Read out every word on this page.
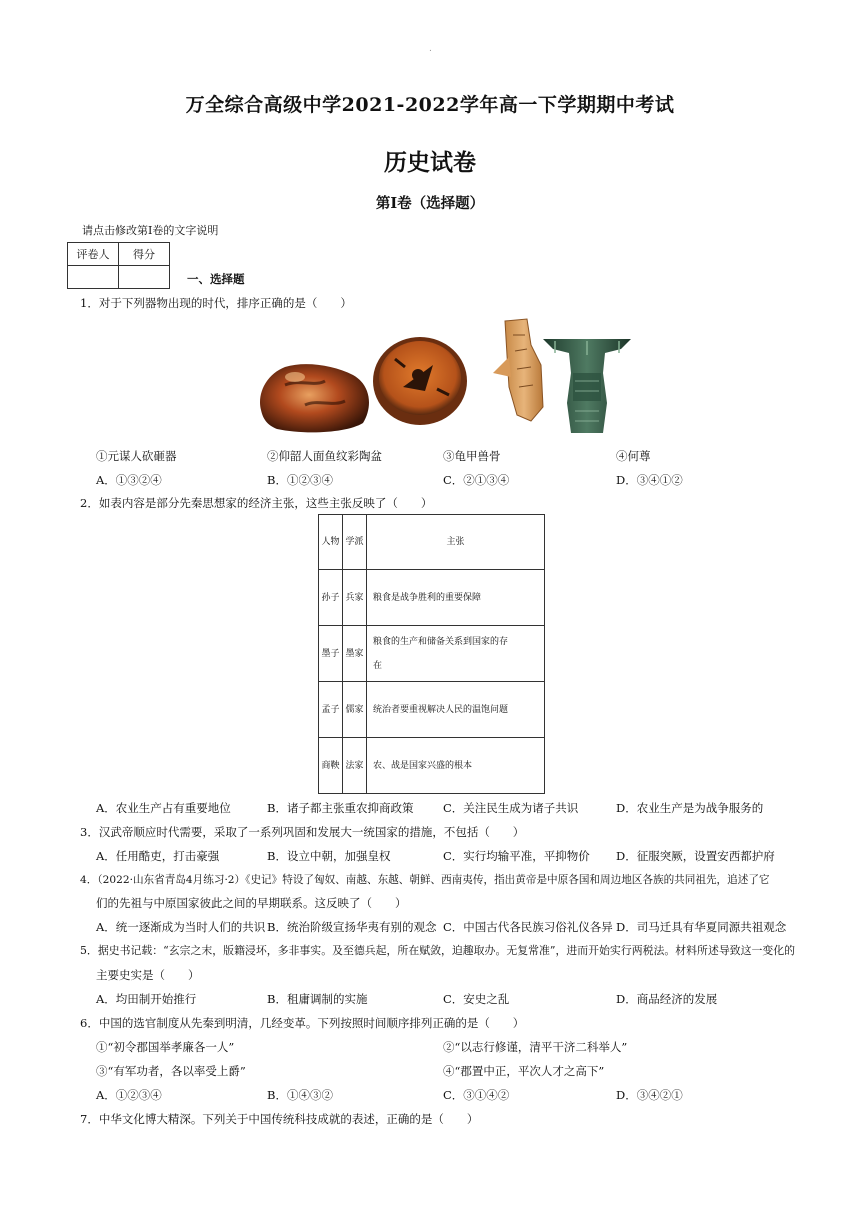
.
万全综合高级中学2021-2022学年高一下学期期中考试
历史试卷
第I卷（选择题）
请点击修改第I卷的文字说明
评卷人	得分

一、选择题
1．对于下列器物出现的时代，排序正确的是（　　）
①元谋人砍砸器	②仰韶人面鱼纹彩陶盆	③龟甲兽骨	④何尊
A．①③②④	B．①②③④	C．②①③④	D．③④①②
2．如表内容是部分先秦思想家的经济主张，这些主张反映了（　　）
人物	学派	主张
孙子	兵家	粮食是战争胜利的重要保障
墨子	墨家	粮食的生产和储备关系到国家的存
在

孟子	儒家	统治者要重视解决人民的温饱问题
商鞅	法家	农、战是国家兴盛的根本
A．农业生产占有重要地位	B．诸子都主张重农抑商政策	C．关注民生成为诸子共识	D．农业生产是为战争服务的
3．汉武帝顺应时代需要，采取了一系列巩固和发展大一统国家的措施，不包括（　　）
A．任用酷吏，打击豪强	B．设立中朝，加强皇权	C．实行均输平准，平抑物价 D．征服突厥，设置安西都护府
4．（2022·山东省青岛4月练习·2）《史记》特设了匈奴、南越、东越、朝鲜、西南夷传，指出黄帝是中原各国和周边地区各族的共同祖先，追述了它
们的先祖与中原国家彼此之间的早期联系。这反映了（　　）
A．统一逐渐成为当时人们的共识 B．统治阶级宣扬华夷有别的观念 C．中国古代各民族习俗礼仪各异 D．司马迁具有华夏同源共祖观念
5．据史书记载：“玄宗之末，版籍浸坏，多非事实。及至德兵起，所在赋敛，迫趣取办。无复常准”，进而开始实行两税法。材料所述导致这一变化的
主要史实是（　　）
A．均田制开始推行	B．租庸调制的实施	C．安史之乱	D．商品经济的发展
6．中国的选官制度从先秦到明清，几经变革。下列按照时间顺序排列正确的是（　　）
①“初令郡国举孝廉各一人”	②“以志行修谨，清平干济二科举人”
③“有军功者，各以率受上爵”	④“郡置中正，平次人才之高下”
A．①②③④	B．①④③②	C．③①④②	D．③④②①
7．中华文化博大精深。下列关于中国传统科技成就的表述，正确的是（　　）
